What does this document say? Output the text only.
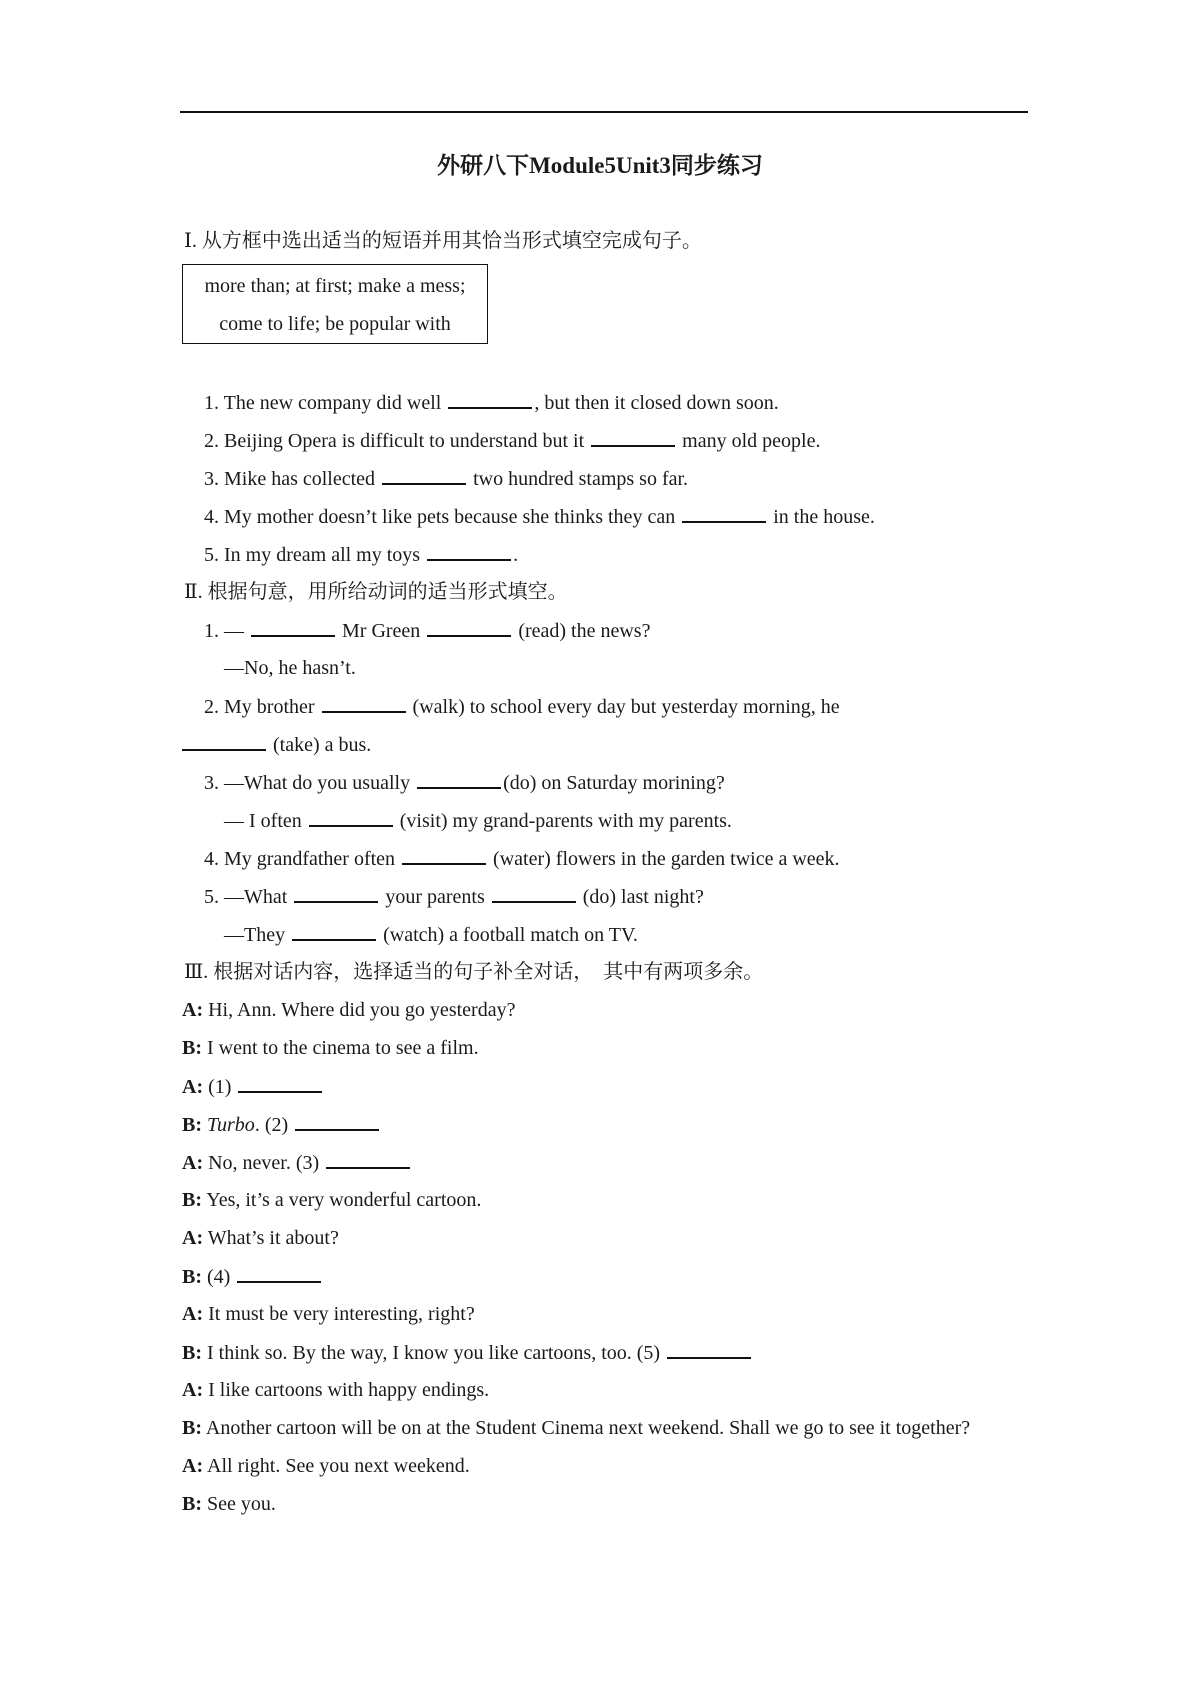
外研八下Module5Unit3同步练习
Ⅰ. 从方框中选出适当的短语并用其恰当形式填空完成句子。
more than; at first; make a mess;
come to life; be popular with
1. The new company did well	, but then it closed down soon.
2. Beijing Opera is difficult to understand but it	many old people.
3. Mike has collected	two hundred stamps so far.
4. My mother doesn’t like pets because she thinks they can	in the house.
5. In my dream all my toys	.
Ⅱ. 根据句意，用所给动词的适当形式填空。
1. —	Mr Green	(read) the news?
—No, he hasn’t.
2. My brother	(walk) to school every day but yesterday morning, he
(take) a bus.
3. —What do you usually	(do) on Saturday morining?
— I often	(visit) my grand-parents with my parents.
4. My grandfather often	(water) flowers in the garden twice a week.
5. —What	your parents	(do) last night?
—They	(watch) a football match on TV.
Ⅲ. 根据对话内容，选择适当的句子补全对话，  其中有两项多余。
A: Hi, Ann. Where did you go yesterday?
B: I went to the cinema to see a film.
A: (1)
B: Turbo. (2)
A: No, never. (3)
B: Yes, it’s a very wonderful cartoon.
A: What’s it about?
B: (4)
A: It must be very interesting, right?
B: I think so. By the way, I know you like cartoons, too. (5)
A: I like cartoons with happy endings.
B: Another cartoon will be on at the Student Cinema next weekend. Shall we go to see it together?
A: All right. See you next weekend.
B: See you.
